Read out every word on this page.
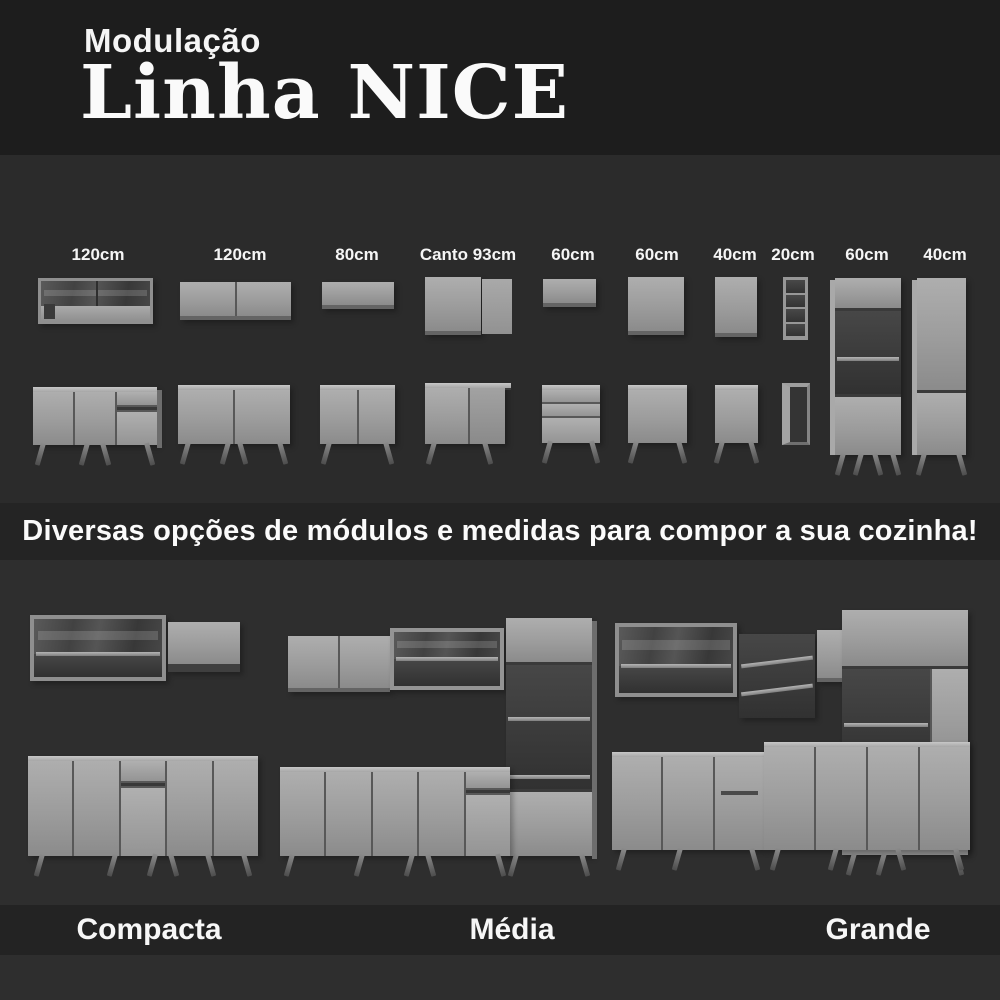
Modulação
Linha NICE
120cm	120cm	80cm	Canto 93cm	60cm	60cm	40cm 20cm	60cm	40cm

Diversas opções de módulos e medidas para compor a sua cozinha!

Compacta	Média	Grande
